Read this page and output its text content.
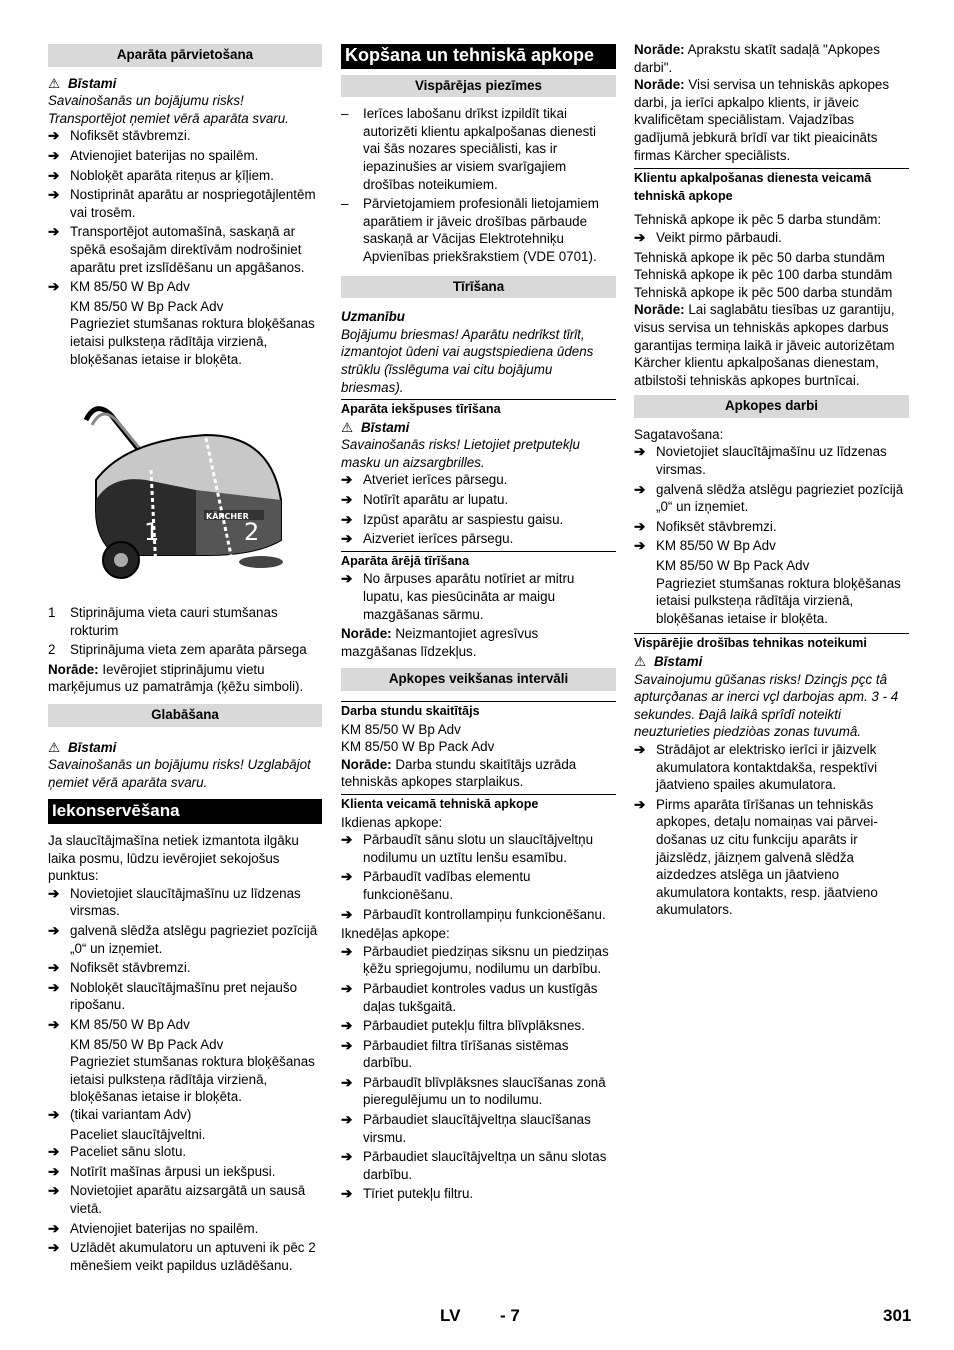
Aparāta pārvietošana

⚠ Bīstami

Savainošanās un bojājumu risks! Transportējot ņemiet vērā aparāta svaru.

➔ Nofiksēt stāvbremzi.
➔ Atvienojiet baterijas no spailēm.
➔ Nobloķēt aparāta riteņus ar ķīļiem.
➔ Nostiprināt aparātu ar nospriegotājlentēm vai trosēm.
➔ Transportējot automašīnā, saskaņā ar spēkā esošajām direktīvām nodrošiniet aparātu pret izslīdēšanu un apgāšanos.
➔ KM 85/50 W Bp Adv

KM 85/50 W Bp Pack Adv

Pagrieziet stumšanas roktura bloķēšanas ietaisi pulksteņa rādītāja virzienā, bloķēšanas ietaise ir bloķēta.

KÄRCHER
1	2
1	Stiprinājuma vieta cauri stumšanas rokturim
2	Stiprinājuma vieta zem aparāta pārsega

Norāde: Ievērojiet stiprinājumu vietu marķējumus uz pamatrāmja (ķēžu simboli).

Glabāšana

⚠ Bīstami

Savainošanās un bojājumu risks! Uzglabājot ņemiet vērā aparāta svaru.

Iekonservēšana

Ja slaucītājmašīna netiek izmantota ilgāku laika posmu, lūdzu ievērojiet sekojošus punktus:

➔ Novietojiet slaucītājmašīnu uz līdzenas virsmas.
➔ galvenā slēdža atslēgu pagrieziet pozīcijā „0“ un izņemiet.
➔ Nofiksēt stāvbremzi.
➔ Nobloķēt slaucītājmašīnu pret nejaušo ripošanu.
➔ KM 85/50 W Bp Adv

KM 85/50 W Bp Pack Adv

Pagrieziet stumšanas roktura bloķēšanas ietaisi pulksteņa rādītāja virzienā, bloķēšanas ietaise ir bloķēta.

➔ (tikai variantam Adv)

Paceliet slaucītājveltni.

➔ Paceliet sānu slotu.
➔ Notīrīt mašīnas ārpusi un iekšpusi.
➔ Novietojiet aparātu aizsargātā un sausā vietā.
➔ Atvienojiet baterijas no spailēm.
➔ Uzlādēt akumulatoru un aptuveni ik pēc 2 mēnešiem veikt papildus uzlādēšanu.
Kopšana un tehniskā apkope
Vispārējas piezīmes
–	Ierīces labošanu drīkst izpildīt tikai autorizēti klientu apkalpošanas dienesti vai šās nozares speciālisti, kas ir iepazinušies ar visiem svarīgajiem drošības noteikumiem.
–	Pārvietojamiem profesionāli lietojamiem aparātiem ir jāveic drošības pārbaude saskaņā ar Vācijas Elektrotehniķu Apvienības priekšrakstiem (VDE 0701).
Tīrīšana

Uzmanību

Bojājumu briesmas! Aparātu nedrīkst tīrīt, izmantojot ūdeni vai augstspiediena ūdens strūklu (īsslēguma vai citu bojājumu briesmas).

Aparāta iekšpuses tīrīšana

⚠ Bīstami

Savainošanās risks! Lietojiet pretputekļu masku un aizsargbrilles.

➔ Atveriet ierīces pārsegu.
➔ Notīrīt aparātu ar lupatu.
➔ Izpūst aparātu ar saspiestu gaisu.
➔ Aizveriet ierīces pārsegu.
Aparāta ārējā tīrīšana
➔ No ārpuses aparātu notīriet ar mitru lupatu, kas piesūcināta ar maigu mazgāšanas sārmu.

Norāde: Neizmantojiet agresīvus mazgāšanas līdzekļus.

Apkopes veikšanas intervāli
Darba stundu skaitītājs

KM 85/50 W Bp Adv

KM 85/50 W Bp Pack Adv

Norāde: Darba stundu skaitītājs uzrāda tehniskās apkopes starplaikus.

Klienta veicamā tehniskā apkope

Ikdienas apkope:

➔ Pārbaudīt sānu slotu un slaucītājveltņu nodilumu un uztītu lenšu esamību.
➔ Pārbaudīt vadības elementu funkcionēšanu.
➔ Pārbaudīt kontrollampiņu funkcionēšanu.

Iknedēļas apkope:

➔ Pārbaudiet piedziņas siksnu un piedziņas ķēžu spriegojumu, nodilumu un darbību.
➔ Pārbaudiet kontroles vadus un kustīgās daļas tukšgaitā.
➔ Pārbaudiet putekļu filtra blīvplāksnes.
➔ Pārbaudiet filtra tīrīšanas sistēmas darbību.
➔ Pārbaudīt blīvplāksnes slaucīšanas zonā pieregulējumu un to nodilumu.
➔ Pārbaudiet slaucītājveltņa slaucīšanas virsmu.
➔ Pārbaudiet slaucītājveltņa un sānu slotas darbību.
➔ Tīriet putekļu filtru.

Norāde: Aprakstu skatīt sadaļā "Apkopes darbi".

Norāde: Visi servisa un tehniskās apkopes darbi, ja ierīci apkalpo klients, ir jāveic kvalificētam speciālistam. Vajadzības gadījumā jebkurā brīdī var tikt pieaicināts firmas Kärcher speciālists.

Klientu apkalpošanas dienesta veicamā tehniskā apkope

Tehniskā apkope ik pēc 5 darba stundām:

➔ Veikt pirmo pārbaudi.

Tehniskā apkope ik pēc 50 darba stundām

Tehniskā apkope ik pēc 100 darba stundām

Tehniskā apkope ik pēc 500 darba stundām

Norāde: Lai saglabātu tiesības uz garantiju, visus servisa un tehniskās apkopes darbus garantijas termiņa laikā ir jāveic autorizētam Kärcher klientu apkalpošanas dienestam, atbilstoši tehniskās apkopes burtnīcai.

Apkopes darbi

Sagatavošana:

➔ Novietojiet slaucītājmašīnu uz līdzenas virsmas.
➔ galvenā slēdža atslēgu pagrieziet pozīcijā „0“ un izņemiet.
➔ Nofiksēt stāvbremzi.
➔ KM 85/50 W Bp Adv

KM 85/50 W Bp Pack Adv

Pagrieziet stumšanas roktura bloķēšanas ietaisi pulksteņa rādītāja virzienā, bloķēšanas ietaise ir bloķēta.

Vispārējie drošības tehnikas noteikumi

⚠ Bīstami

Savainojumu gūšanas risks! Dzinçjs pçc tâ apturçðanas ar inerci vçl darbojas apm. 3 - 4 sekundes. Ðajâ laikâ sprîdî noteikti neuzturieties piedziòas zonas tuvumâ.

➔ Strādājot ar elektrisko ierīci ir jāizvelk akumulatora kontaktdakša, respektīvi jāatvieno spailes akumulatora.
➔ Pirms aparāta tīrīšanas un tehniskās apkopes, detaļu nomaiņas vai pārvei-došanas uz citu funkciju aparāts ir jāizslēdz, jāizņem galvenā slēdža aizdedzes atslēga un jāatvieno akumulatora kontakts, resp. jāatvieno akumulators.
LV - 7	301
